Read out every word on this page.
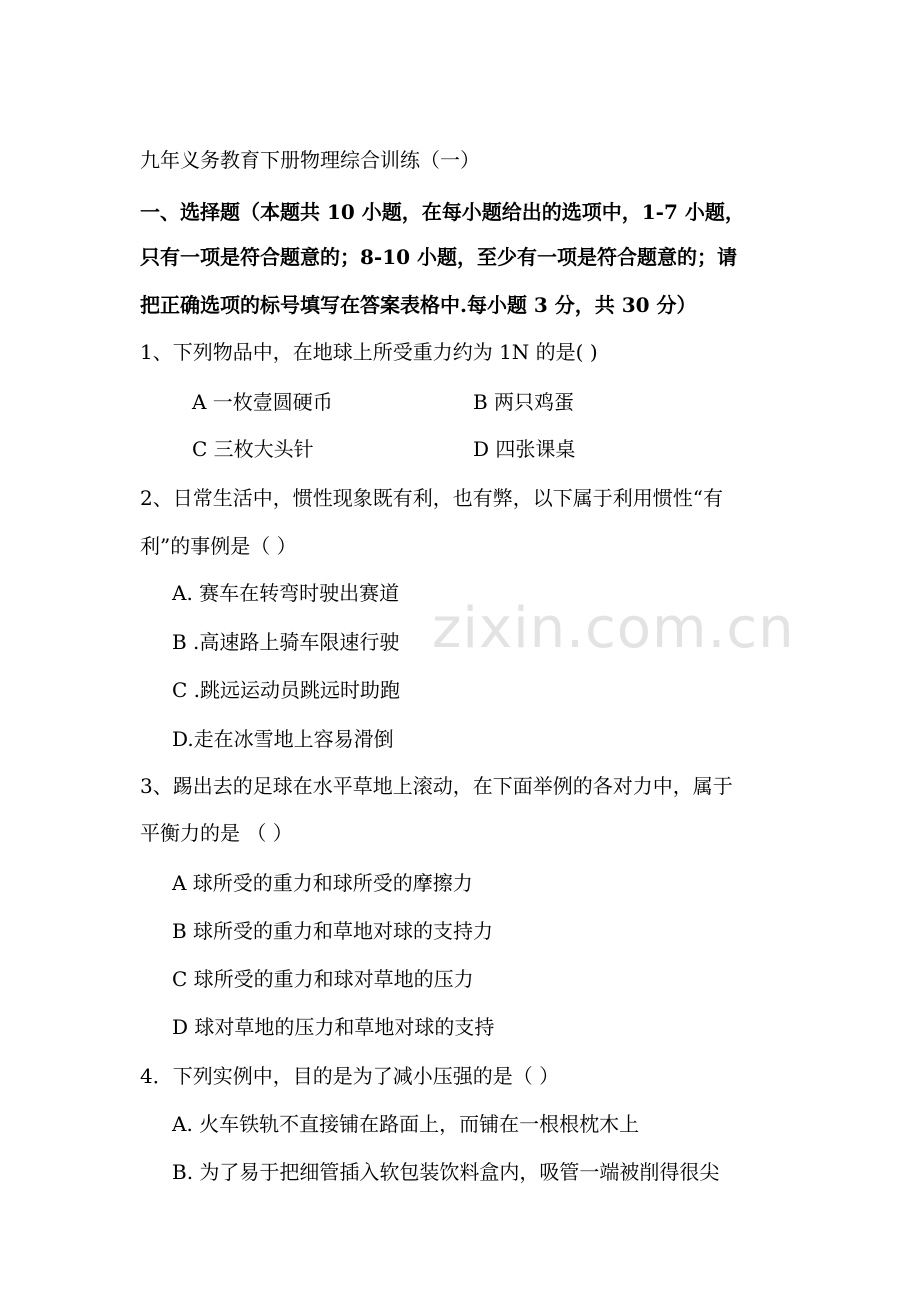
九年义务教育下册物理综合训练（一）
一、选择题（本题共 10 小题，在每小题给出的选项中，1-7 小题，
只有一项是符合题意的；8-10 小题，至少有一项是符合题意的；请
把正确选项的标号填写在答案表格中.每小题 3 分，共 30 分）
1、下列物品中，在地球上所受重力约为 1N 的是( )
A 一枚壹圆硬币	B 两只鸡蛋
C 三枚大头针	D 四张课桌
2、日常生活中，惯性现象既有利，也有弊，以下属于利用惯性“有
利”的事例是（ ）
A. 赛车在转弯时驶出赛道
B .高速路上骑车限速行驶
C .跳远运动员跳远时助跑
D.走在冰雪地上容易滑倒
3、踢出去的足球在水平草地上滚动，在下面举例的各对力中，属于
平衡力的是 （ ）
A 球所受的重力和球所受的摩擦力
B 球所受的重力和草地对球的支持力
C 球所受的重力和球对草地的压力
D 球对草地的压力和草地对球的支持
4．下列实例中，目的是为了减小压强的是（ ）
A. 火车铁轨不直接铺在路面上，而铺在一根根枕木上
B. 为了易于把细管插入软包装饮料盒内，吸管一端被削得很尖
zixin.com.cn
